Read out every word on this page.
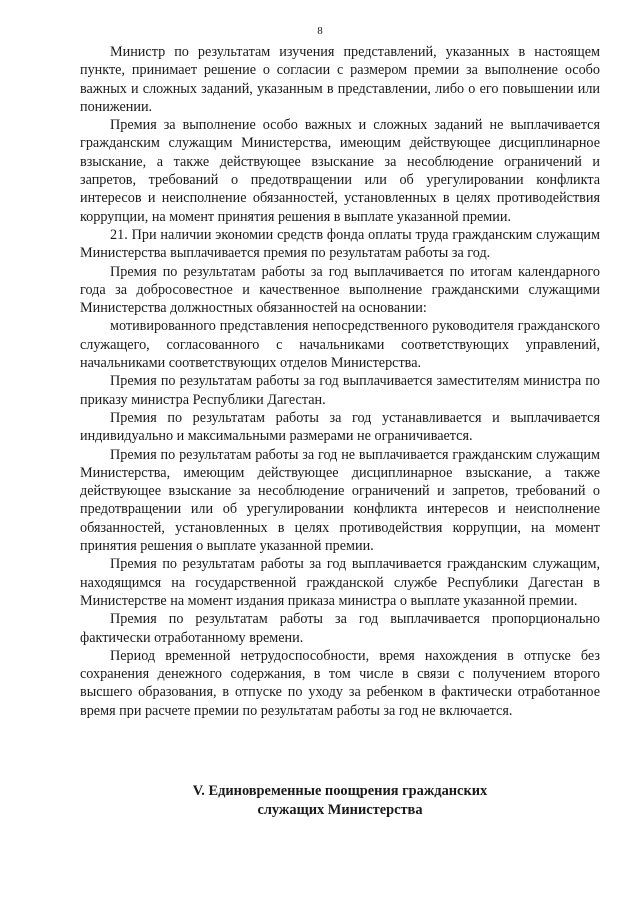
8

Министр по результатам изучения представлений, указанных в настоящем пункте, принимает решение о согласии с размером премии за выполнение особо важных и сложных заданий, указанным в представлении, либо о его повышении или понижении.

Премия за выполнение особо важных и сложных заданий не выплачивается гражданским служащим Министерства, имеющим действующее дисциплинарное взыскание, а также действующее взыскание за несоблюдение ограничений и запретов, требований о предотвращении или об урегулировании конфликта интересов и неисполнение обязанностей, установленных в целях противодействия коррупции, на момент принятия решения в выплате указанной премии.

21. При наличии экономии средств фонда оплаты труда гражданским служащим Министерства выплачивается премия по результатам работы за год.

Премия по результатам работы за год выплачивается по итогам календарного года за добросовестное и качественное выполнение гражданскими служащими Министерства должностных обязанностей на основании:

мотивированного представления непосредственного руководителя гражданского служащего, согласованного с начальниками соответствующих управлений, начальниками соответствующих отделов Министерства.

Премия по результатам работы за год выплачивается заместителям министра по приказу министра Республики Дагестан.

Премия по результатам работы за год устанавливается и выплачивается индивидуально и максимальными размерами не ограничивается.

Премия по результатам работы за год не выплачивается гражданским служащим Министерства, имеющим действующее дисциплинарное взыскание, а также действующее взыскание за несоблюдение ограничений и запретов, требований о предотвращении или об урегулировании конфликта интересов и неисполнение обязанностей, установленных в целях противодействия коррупции, на момент принятия решения о выплате указанной премии.

Премия по результатам работы за год выплачивается гражданским служащим, находящимся на государственной гражданской службе Республики Дагестан в Министерстве на момент издания приказа министра о выплате указанной премии.

Премия по результатам работы за год выплачивается пропорционально фактически отработанному времени.

Период временной нетрудоспособности, время нахождения в отпуске без сохранения денежного содержания, в том числе в связи с получением второго высшего образования, в отпуске по уходу за ребенком в фактически отработанное время при расчете премии по результатам работы за год не включается.

V. Единовременные поощрения гражданских
служащих Министерства
